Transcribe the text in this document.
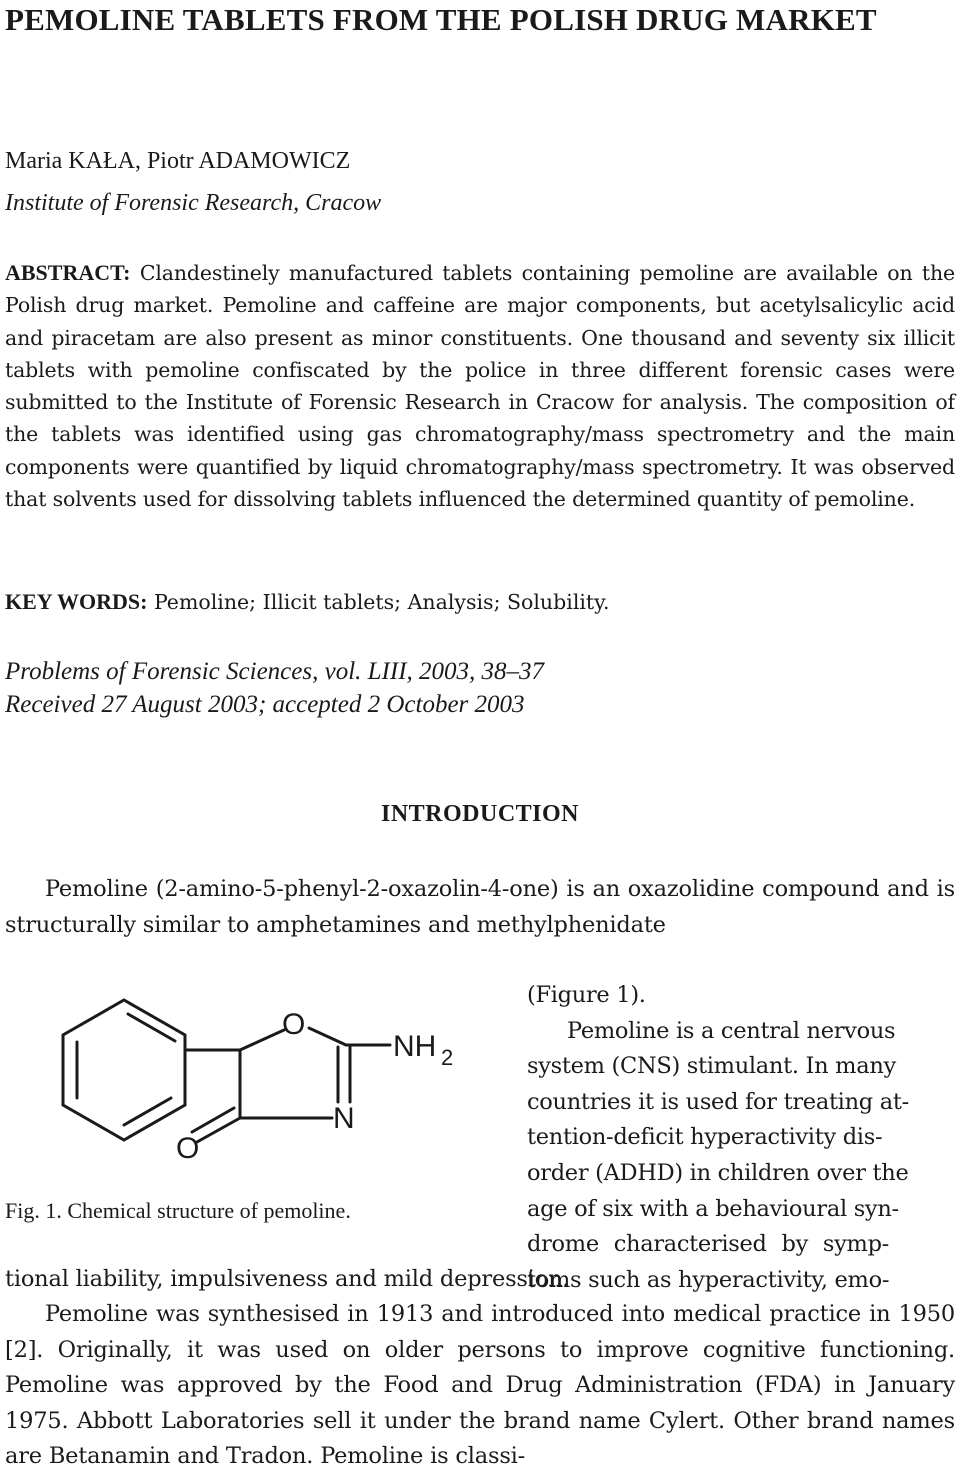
PEMOLINE TABLETS FROM THE POLISH DRUG MARKET

Maria KAŁA, Piotr ADAMOWICZ

Institute of Forensic Research, Cracow

ABSTRACT: Clandestinely manufactured tablets containing pemoline are available on the Polish drug market. Pemoline and caffeine are major components, but acetylsalicylic acid and piracetam are also present as minor constituents. One thousand and seventy six illicit tablets with pemoline confiscated by the police in three different forensic cases were submitted to the Institute of Forensic Research in Cracow for analysis. The composition of the tablets was identified using gas chromatography/mass spectrometry and the main components were quantified by liquid chromatography/mass spectrometry. It was observed that solvents used for dissolving tablets influenced the determined quantity of pemoline.

KEY WORDS: Pemoline; Illicit tablets; Analysis; Solubility.

Problems of Forensic Sciences, vol. LIII, 2003, 38–37

Received 27 August 2003; accepted 2 October 2003

INTRODUCTION

Pemoline (2-amino-5-phenyl-2-oxazolin-4-one) is an oxazolidine compound and is structurally similar to amphetamines and methylphenidate

O
N
NH 2
O

Fig. 1. Chemical structure of pemoline.

(Figure 1).
Pemoline is a central nervous
system (CNS) stimulant. In many
countries it is used for treating at-
tention-deficit hyperactivity dis-
order (ADHD) in children over the
age of six with a behavioural syn-
drome characterised by symp-
toms such as hyperactivity, emo-

tional liability, impulsiveness and mild depression.

Pemoline was synthesised in 1913 and introduced into medical practice in 1950 [2]. Originally, it was used on older persons to improve cognitive functioning. Pemoline was approved by the Food and Drug Administration (FDA) in January 1975. Abbott Laboratories sell it under the brand name Cylert. Other brand names are Betanamin and Tradon. Pemoline is classi-
